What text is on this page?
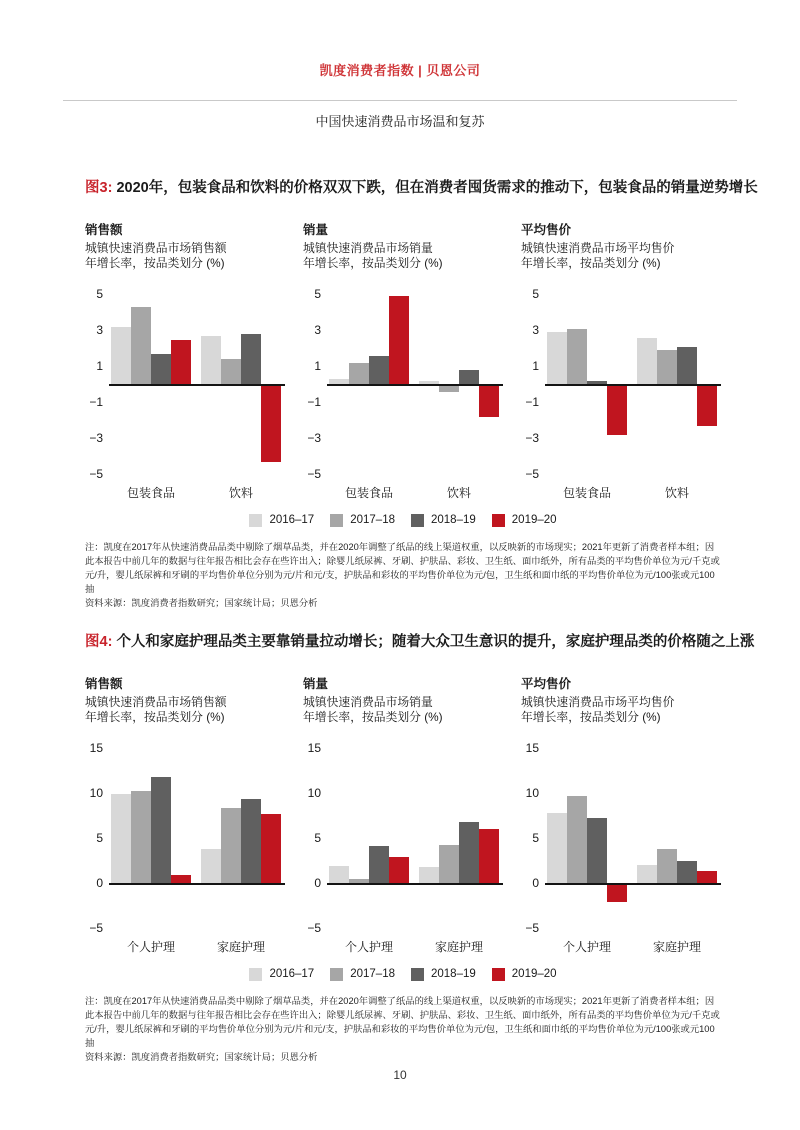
凯度消费者指数 | 贝恩公司
中国快速消费品市场温和复苏
图3: 2020年，包装食品和饮料的价格双双下跌，但在消费者囤货需求的推动下，包装食品的销量逆势增长
销售额
城镇快速消费品市场销售额
年增长率，按品类划分 (%)
5
3
1
−1
−3
−5
包装食品	饮料
销量
城镇快速消费品市场销量
年增长率，按品类划分 (%)
5
3
1
−1
−3
−5
包装食品	饮料
平均售价
城镇快速消费品市场平均售价
年增长率，按品类划分 (%)
5
3
1
−1
−3
−5
包装食品	饮料
2016–17	2017–18	2018–19	2019–20
注：凯度在2017年从快速消费品品类中剔除了烟草品类，并在2020年调整了纸品的线上渠道权重，以反映新的市场现实；2021年更新了消费者样本组；因此本报告中前几年的数据与往年报告相比会存在些许出入；除婴儿纸尿裤、牙刷、护肤品、彩妆、卫生纸、面巾纸外，所有品类的平均售价单位为元/千克或元/升，婴儿纸尿裤和牙刷的平均售价单位分别为元/片和元/支，护肤品和彩妆的平均售价单位为元/包，卫生纸和面巾纸的平均售价单位为元/100张或元100抽
资料来源：凯度消费者指数研究；国家统计局；贝恩分析
图4: 个人和家庭护理品类主要靠销量拉动增长；随着大众卫生意识的提升，家庭护理品类的价格随之上涨
销售额
城镇快速消费品市场销售额
年增长率，按品类划分 (%)
15
10
5
0
−5
个人护理	家庭护理
销量
城镇快速消费品市场销量
年增长率，按品类划分 (%)
15
10
5
0
−5
个人护理	家庭护理
平均售价
城镇快速消费品市场平均售价
年增长率，按品类划分 (%)
15
10
5
0
−5
个人护理	家庭护理
2016–17	2017–18	2018–19	2019–20
注：凯度在2017年从快速消费品品类中剔除了烟草品类，并在2020年调整了纸品的线上渠道权重，以反映新的市场现实；2021年更新了消费者样本组；因此本报告中前几年的数据与往年报告相比会存在些许出入；除婴儿纸尿裤、牙刷、护肤品、彩妆、卫生纸、面巾纸外，所有品类的平均售价单位为元/千克或元/升，婴儿纸尿裤和牙刷的平均售价单位分别为元/片和元/支，护肤品和彩妆的平均售价单位为元/包，卫生纸和面巾纸的平均售价单位为元/100张或元100抽
资料来源：凯度消费者指数研究；国家统计局；贝恩分析
10
